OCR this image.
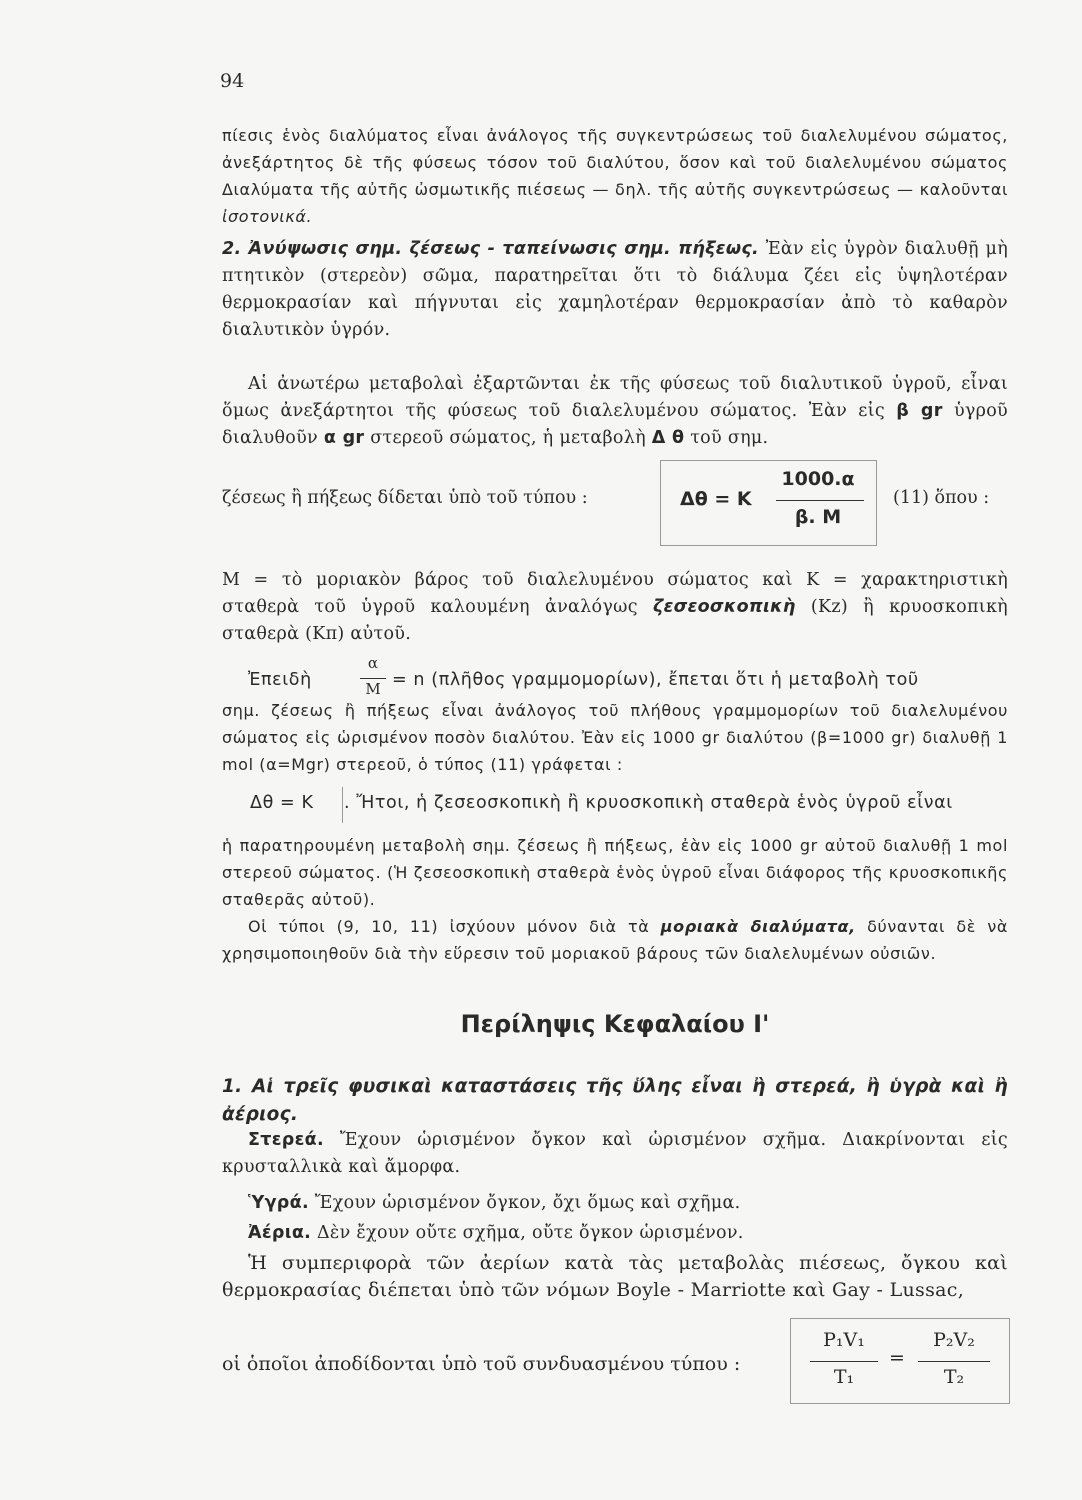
94
πίεσις ἑνὸς διαλύματος εἶναι ἀνάλογος τῆς συγκεντρώσεως τοῦ διαλελυμένου σώματος, ἀνεξάρτητος δὲ τῆς φύσεως τόσον τοῦ διαλύτου, ὅσον καὶ τοῦ διαλελυμένου σώματος Διαλύματα τῆς αὐτῆς ὠσμωτικῆς πιέσεως — δηλ. τῆς αὐτῆς συγκεντρώσεως — καλοῦνται ἰσοτονικά.
2. Ἀνύψωσις σημ. ζέσεως - ταπείνωσις σημ. πήξεως. Ἐὰν εἰς ὑγρὸν διαλυθῇ μὴ πτητικὸν (στερεὸν) σῶμα, παρατηρεῖται ὅτι τὸ διάλυμα ζέει εἰς ὑψηλοτέραν θερμοκρασίαν καὶ πήγνυται εἰς χαμηλοτέραν θερμοκρασίαν ἀπὸ τὸ καθαρὸν διαλυτικὸν ὑγρόν.
Αἱ ἀνωτέρω μεταβολαὶ ἐξαρτῶνται ἐκ τῆς φύσεως τοῦ διαλυτικοῦ ὑγροῦ, εἶναι ὅμως ἀνεξάρτητοι τῆς φύσεως τοῦ διαλελυμένου σώματος. Ἐὰν εἰς β gr ὑγροῦ διαλυθοῦν α gr στερεοῦ σώματος, ἡ μεταβολὴ Δ θ τοῦ σημ.
ζέσεως ἢ πήξεως δίδεται ὑπὸ τοῦ τύπου :	Δθ = Κ
1000.α
β. Μ
(11) ὅπου :
Μ = τὸ μοριακὸν βάρος τοῦ διαλελυμένου σώματος καὶ Κ = χαρακτηριστικὴ σταθερὰ τοῦ ὑγροῦ καλουμένη ἀναλόγως ζεσεοσκοπικὴ (Κz) ἢ κρυοσκοπικὴ σταθερὰ (Κπ) αὐτοῦ.
Ἐπειδὴ
α
Μ = n (πλῆθος γραμμομορίων), ἔπεται ὅτι ἡ μεταβολὴ τοῦ
σημ. ζέσεως ἢ πήξεως εἶναι ἀνάλογος τοῦ πλήθους γραμμομορίων τοῦ διαλελυμένου σώματος εἰς ὡρισμένον ποσὸν διαλύτου. Ἐὰν εἰς 1000 gr διαλύτου (β=1000 gr) διαλυθῇ 1 mol (α=Mgr) στερεοῦ, ὁ τύπος (11) γράφεται :
Δθ = Κ . Ἤτοι, ἡ ζεσεοσκοπικὴ ἢ κρυοσκοπικὴ σταθερὰ ἑνὸς ὑγροῦ εἶναι
ἡ παρατηρουμένη μεταβολὴ σημ. ζέσεως ἢ πήξεως, ἐὰν εἰς 1000 gr αὐτοῦ διαλυθῇ 1 mol στερεοῦ σώματος. (Ἡ ζεσεοσκοπικὴ σταθερὰ ἑνὸς ὑγροῦ εἶναι διάφορος τῆς κρυοσκοπικῆς σταθερᾶς αὐτοῦ).
Οἱ τύποι (9, 10, 11) ἰσχύουν μόνον διὰ τὰ μοριακὰ διαλύματα, δύνανται δὲ νὰ χρησιμοποιηθοῦν διὰ τὴν εὕρεσιν τοῦ μοριακοῦ βάρους τῶν διαλελυμένων οὐσιῶν.
Περίληψις Κεφαλαίου Ι'
1. Αἱ τρεῖς φυσικαὶ καταστάσεις τῆς ὕλης εἶναι ἢ στερεά, ἢ ὑγρὰ καὶ ἢ ἀέριος.
Στερεά. Ἔχουν ὡρισμένον ὄγκον καὶ ὡρισμένον σχῆμα. Διακρίνονται εἰς κρυσταλλικὰ καὶ ἄμορφα.
Ὑγρά. Ἔχουν ὡρισμένον ὄγκον, ὄχι ὅμως καὶ σχῆμα.
Ἀέρια. Δὲν ἔχουν οὔτε σχῆμα, οὔτε ὄγκον ὡρισμένον.
Ἡ συμπεριφορὰ τῶν ἀερίων κατὰ τὰς μεταβολὰς πιέσεως, ὄγκου καὶ θερμοκρασίας διέπεται ὑπὸ τῶν νόμων Boyle - Marriotte καὶ Gay - Lussac,
οἱ ὁποῖοι ἀποδίδονται ὑπὸ τοῦ συνδυασμένου τύπου :
P₁V₁
T₁
=
P₂V₂
T₂
